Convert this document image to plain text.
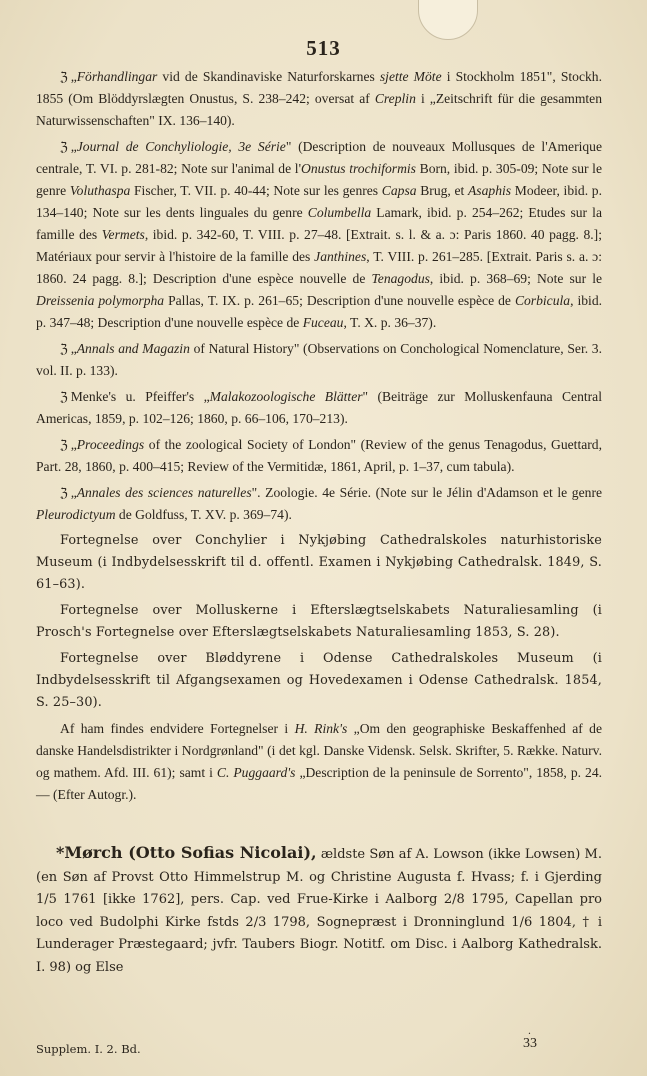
513

ℨ „Förhandlingar vid de Skandinaviske Naturforskarnes sjette Möte i Stockholm 1851", Stockh. 1855 (Om Blöddyrslægten Onustus, S. 238–242; oversat af Creplin i „Zeitschrift für die gesammten Naturwissenschaften" IX. 136–140).

ℨ „Journal de Conchyliologie, 3e Série" (Description de nouveaux Mollusques de l'Amerique centrale, T. VI. p. 281-82; Note sur l'animal de l'Onustus trochiformis Born, ibid. p. 305-09; Note sur le genre Voluthaspa Fischer, T. VII. p. 40-44; Note sur les genres Capsa Brug, et Asaphis Modeer, ibid. p. 134–140; Note sur les dents linguales du genre Columbella Lamark, ibid. p. 254–262; Etudes sur la famille des Vermets, ibid. p. 342-60, T. VIII. p. 27–48. [Extrait. s. l. & a. ɔ: Paris 1860. 40 pagg. 8.]; Matériaux pour servir à l'histoire de la famille des Janthines, T. VIII. p. 261–285. [Extrait. Paris s. a. ɔ: 1860. 24 pagg. 8.]; Description d'une espèce nouvelle de Tenagodus, ibid. p. 368–69; Note sur le Dreissenia polymorpha Pallas, T. IX. p. 261–65; Description d'une nouvelle espèce de Corbicula, ibid. p. 347–48; Description d'une nouvelle espèce de Fuceau, T. X. p. 36–37).

ℨ „Annals and Magazin of Natural History" (Observations on Conchological Nomenclature, Ser. 3. vol. II. p. 133).

ℨ Menke's u. Pfeiffer's „Malakozoologische Blätter" (Beiträge zur Molluskenfauna Central Americas, 1859, p. 102–126; 1860, p. 66–106, 170–213).

ℨ „Proceedings of the zoological Society of London" (Review of the genus Tenagodus, Guettard, Part. 28, 1860, p. 400–415; Review of the Vermitidæ, 1861, April, p. 1–37, cum tabula).

ℨ „Annales des sciences naturelles". Zoologie. 4e Série. (Note sur le Jélin d'Adamson et le genre Pleurodictyum de Goldfuss, T. XV. p. 369–74).

Fortegnelse over Conchylier i Nykjøbing Cathedralskoles naturhistoriske Museum (i Indbydelsesskrift til d. offentl. Examen i Nykjøbing Cathedralsk. 1849, S. 61–63).

Fortegnelse over Molluskerne i Efterslægtselskabets Naturaliesamling (i Prosch's Fortegnelse over Efterslægtselskabets Naturaliesamling 1853, S. 28).

Fortegnelse over Bløddyrene i Odense Cathedralskoles Museum (i Indbydelsesskrift til Afgangsexamen og Hovedexamen i Odense Cathedralsk. 1854, S. 25–30).

Af ham findes endvidere Fortegnelser i H. Rink's „Om den geographiske Beskaffenhed af de danske Handelsdistrikter i Nordgrønland" (i det kgl. Danske Vidensk. Selsk. Skrifter, 5. Række. Naturv. og mathem. Afd. III. 61); samt i C. Puggaard's „Description de la peninsule de Sorrento", 1858, p. 24. — (Efter Autogr.).

*Mørch (Otto Sofias Nicolai), ældste Søn af A. Lowson (ikke Lowsen) M. (en Søn af Provst Otto Himmelstrup M. og Christine Augusta f. Hvass; f. i Gjerding 1/5 1761 [ikke 1762], pers. Cap. ved Frue-Kirke i Aalborg 2/8 1795, Capellan pro loco ved Budolphi Kirke fstds 2/3 1798, Sognepræst i Dronninglund 1/6 1804, † i Lunderager Præstegaard; jvfr. Taubers Biogr. Notitf. om Disc. i Aalborg Kathedralsk. I. 98) og Else
Supplem. I. 2. Bd.
.
33
